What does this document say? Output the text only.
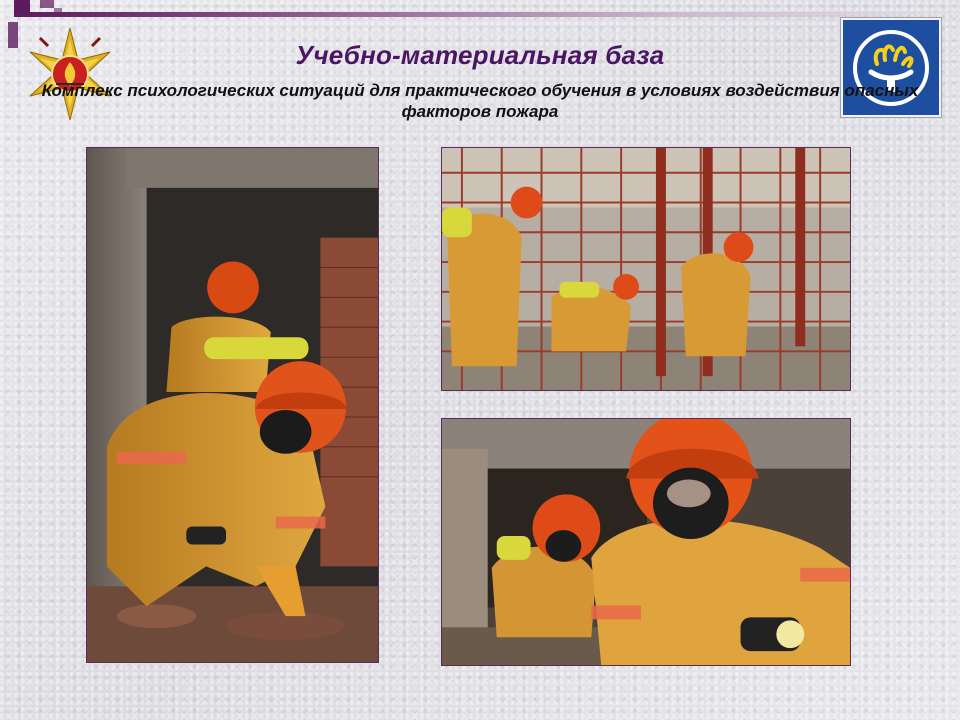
Учебно-материальная база
Комплекс психологических ситуаций для практического обучения в условиях воздействия опасных факторов пожара
